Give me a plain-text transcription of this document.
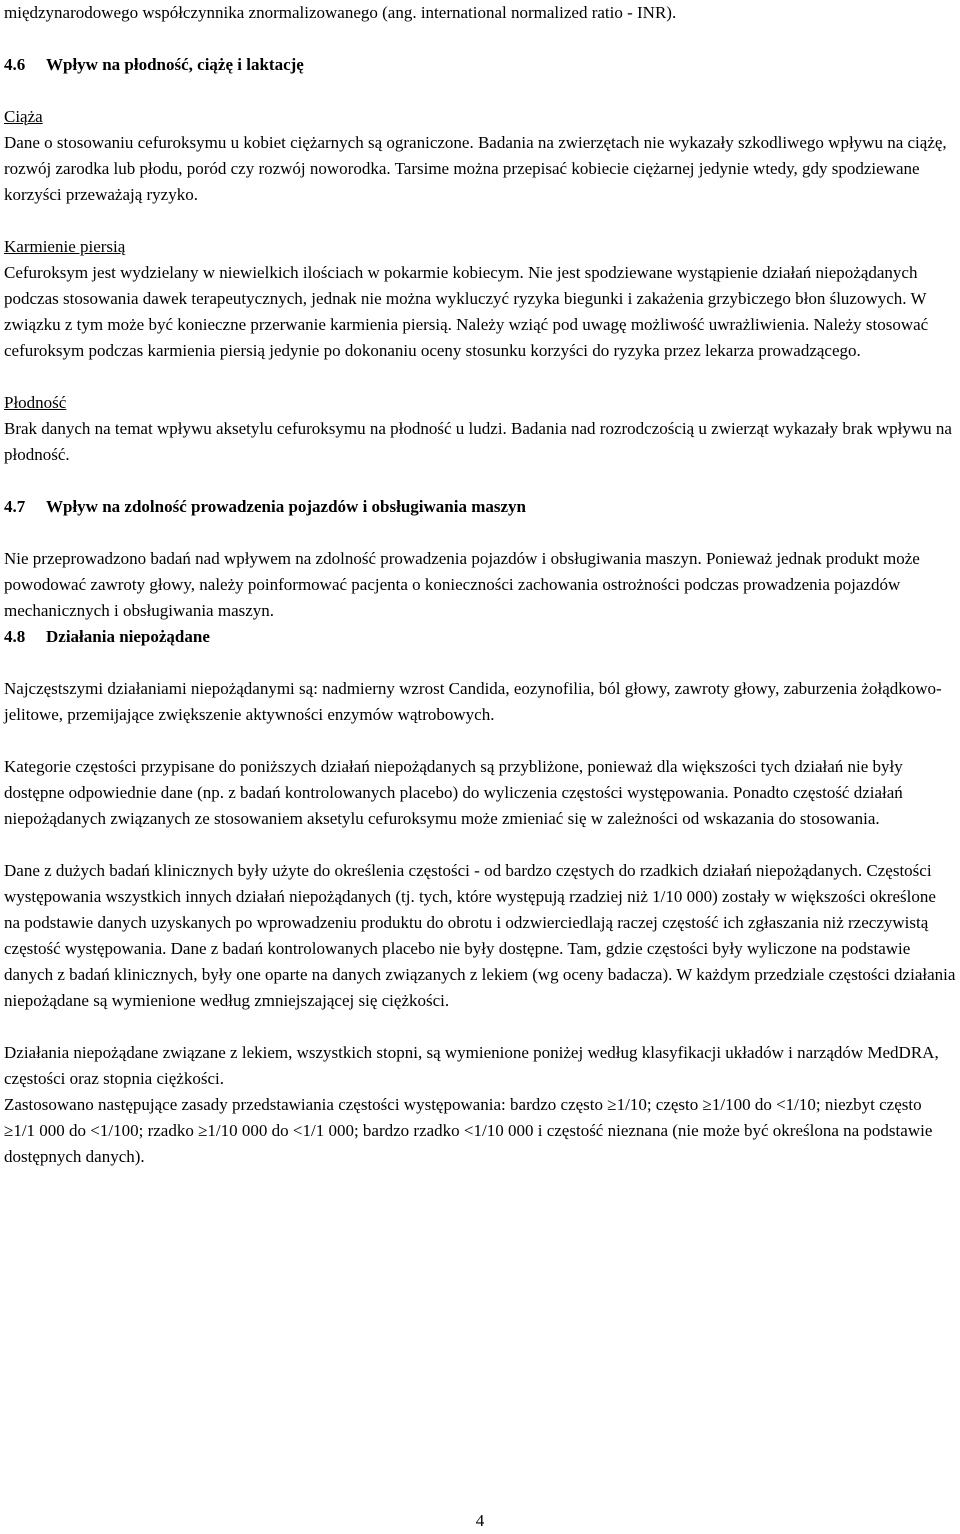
międzynarodowego współczynnika znormalizowanego (ang. international normalized ratio - INR).

4.6 Wpływ na płodność, ciążę i laktację

Ciąża

Dane o stosowaniu cefuroksymu u kobiet ciężarnych są ograniczone. Badania na zwierzętach nie wykazały szkodliwego wpływu na ciążę, rozwój zarodka lub płodu, poród czy rozwój noworodka. Tarsime można przepisać kobiecie ciężarnej jedynie wtedy, gdy spodziewane korzyści przeważają ryzyko.

Karmienie piersią

Cefuroksym jest wydzielany w niewielkich ilościach w pokarmie kobiecym. Nie jest spodziewane wystąpienie działań niepożądanych podczas stosowania dawek terapeutycznych, jednak nie można wykluczyć ryzyka biegunki i zakażenia grzybiczego błon śluzowych. W związku z tym może być konieczne przerwanie karmienia piersią. Należy wziąć pod uwagę możliwość uwrażliwienia. Należy stosować cefuroksym podczas karmienia piersią jedynie po dokonaniu oceny stosunku korzyści do ryzyka przez lekarza prowadzącego.

Płodność

Brak danych na temat wpływu aksetylu cefuroksymu na płodność u ludzi. Badania nad rozrodczością u zwierząt wykazały brak wpływu na płodność.

4.7 Wpływ na zdolność prowadzenia pojazdów i obsługiwania maszyn

Nie przeprowadzono badań nad wpływem na zdolność prowadzenia pojazdów i obsługiwania maszyn. Ponieważ jednak produkt może powodować zawroty głowy, należy poinformować pacjenta o konieczności zachowania ostrożności podczas prowadzenia pojazdów mechanicznych i obsługiwania maszyn.

4.8 Działania niepożądane

Najczęstszymi działaniami niepożądanymi są: nadmierny wzrost Candida, eozynofilia, ból głowy, zawroty głowy, zaburzenia żołądkowo-jelitowe, przemijające zwiększenie aktywności enzymów wątrobowych.

Kategorie częstości przypisane do poniższych działań niepożądanych są przybliżone, ponieważ dla większości tych działań nie były dostępne odpowiednie dane (np. z badań kontrolowanych placebo) do wyliczenia częstości występowania. Ponadto częstość działań niepożądanych związanych ze stosowaniem aksetylu cefuroksymu może zmieniać się w zależności od wskazania do stosowania.

Dane z dużych badań klinicznych były użyte do określenia częstości - od bardzo częstych do rzadkich działań niepożądanych. Częstości występowania wszystkich innych działań niepożądanych (tj. tych, które występują rzadziej niż 1/10 000) zostały w większości określone na podstawie danych uzyskanych po wprowadzeniu produktu do obrotu i odzwierciedlają raczej częstość ich zgłaszania niż rzeczywistą częstość występowania. Dane z badań kontrolowanych placebo nie były dostępne. Tam, gdzie częstości były wyliczone na podstawie danych z badań klinicznych, były one oparte na danych związanych z lekiem (wg oceny badacza). W każdym przedziale częstości działania niepożądane są wymienione według zmniejszającej się ciężkości.

Działania niepożądane związane z lekiem, wszystkich stopni, są wymienione poniżej według klasyfikacji układów i narządów MedDRA, częstości oraz stopnia ciężkości.

Zastosowano następujące zasady przedstawiania częstości występowania: bardzo często ≥1/10; często ≥1/100 do <1/10; niezbyt często ≥1/1 000 do <1/100; rzadko ≥1/10 000 do <1/1 000; bardzo rzadko <1/10 000 i częstość nieznana (nie może być określona na podstawie dostępnych danych).

4
